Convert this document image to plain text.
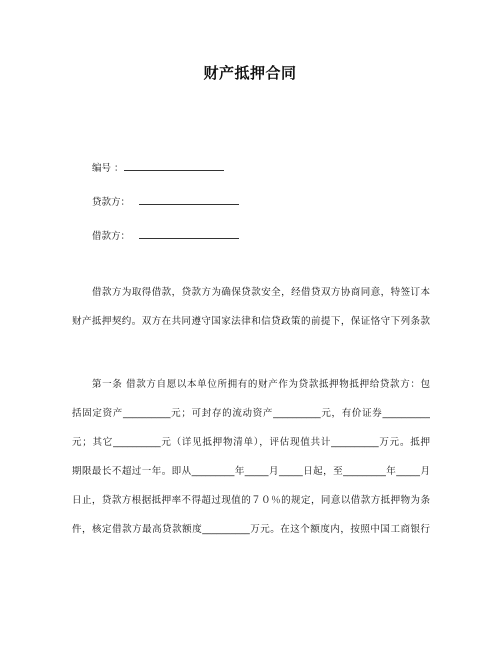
财产抵押合同
编号 ：
贷款方：
借款方：
借款方为取得借款，贷款方为确保贷款安全，经借贷双方协商同意，特签订本
财产抵押契约。双方在共同遵守国家法律和信贷政策的前提下，保证恪守下列条款
第一条 借款方自愿以本单位所拥有的财产作为贷款抵押物抵押给贷款方：包
括固定资产__________元；可封存的流动资产__________元，有价证券__________
元；其它__________元（详见抵押物清单），评估现值共计__________万元。抵押
期限最长不超过一年。即从_________年_____月_____日起，至_________年_____月
日止，贷款方根据抵押率不得超过现值的７０％的规定，同意以借款方抵押物为条
件，核定借款方最高贷款额度__________万元。在这个额度内，按照中国工商银行
